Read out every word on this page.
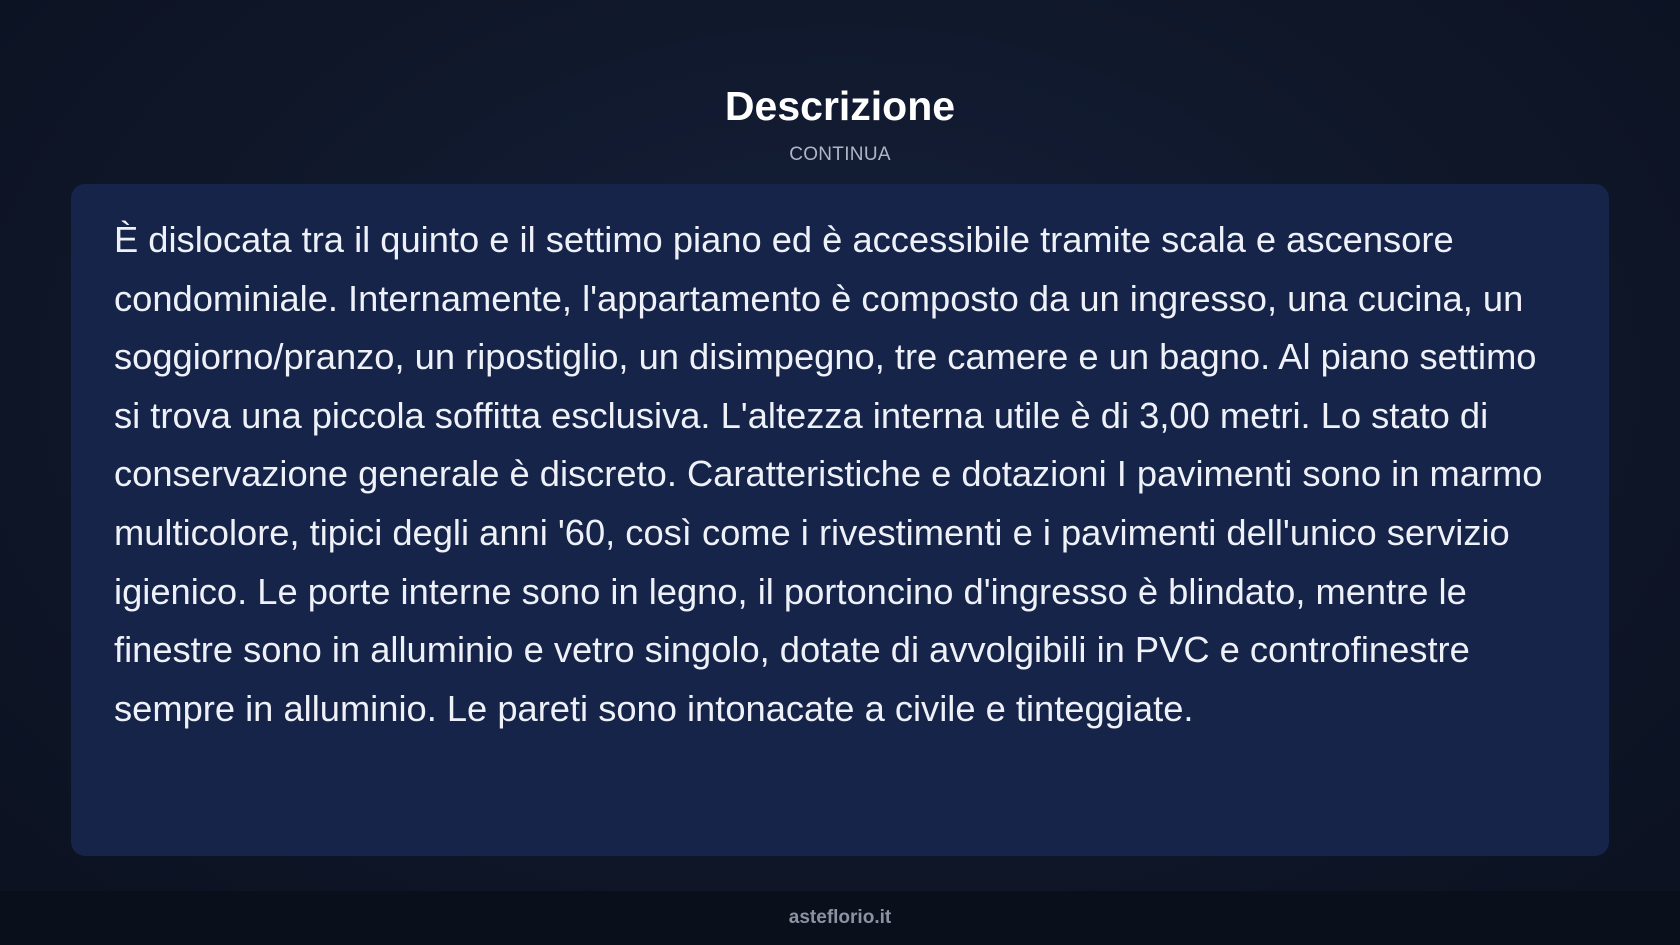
Descrizione
CONTINUA

È dislocata tra il quinto e il settimo piano ed è accessibile tramite scala e ascensore condominiale. Internamente, l'appartamento è composto da un ingresso, una cucina, un soggiorno/pranzo, un ripostiglio, un disimpegno, tre camere e un bagno. Al piano settimo si trova una piccola soffitta esclusiva. L'altezza interna utile è di 3,00 metri. Lo stato di conservazione generale è discreto. Caratteristiche e dotazioni I pavimenti sono in marmo multicolore, tipici degli anni '60, così come i rivestimenti e i pavimenti dell'unico servizio igienico. Le porte interne sono in legno, il portoncino d'ingresso è blindato, mentre le finestre sono in alluminio e vetro singolo, dotate di avvolgibili in PVC e controfinestre sempre in alluminio. Le pareti sono intonacate a civile e tinteggiate.

asteflorio.it
